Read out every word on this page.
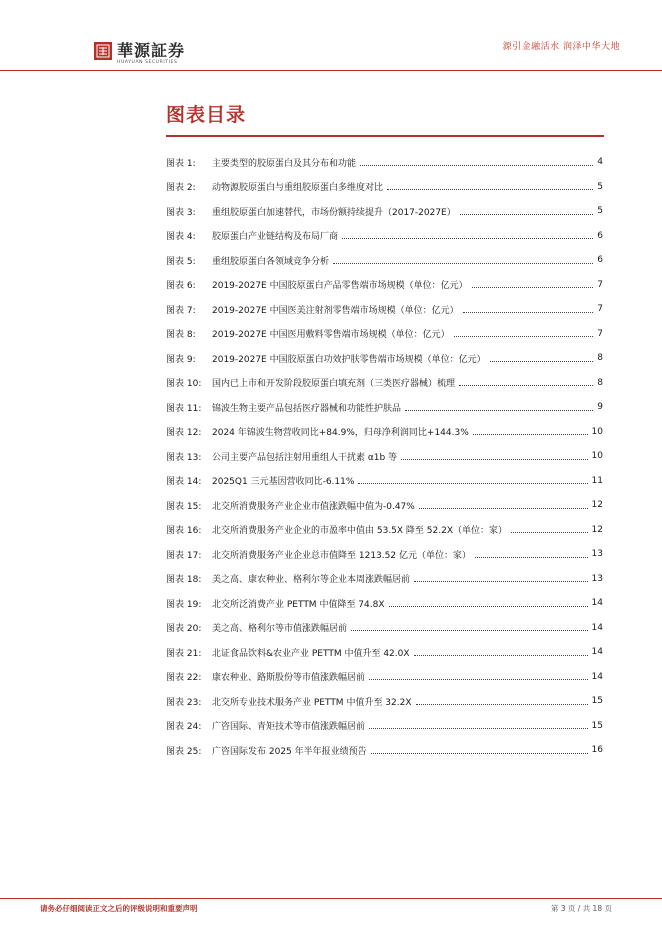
華源証券
HUAYUAN SECURITIES
源引金融活水 润泽中华大地
图表目录
图表 1:	主要类型的胶原蛋白及其分布和功能	4
图表 2:	动物源胶原蛋白与重组胶原蛋白多维度对比	5
图表 3:	重组胶原蛋白加速替代，市场份额持续提升（2017-2027E）	5
图表 4:	胶原蛋白产业链结构及布局厂商	6
图表 5:	重组胶原蛋白各领域竞争分析	6
图表 6:	2019-2027E 中国胶原蛋白产品零售端市场规模（单位：亿元）	7
图表 7:	2019-2027E 中国医美注射剂零售端市场规模（单位：亿元）	7
图表 8:	2019-2027E 中国医用敷料零售端市场规模（单位：亿元）	7
图表 9:	2019-2027E 中国胶原蛋白功效护肤零售端市场规模（单位：亿元）	8
图表 10:	国内已上市和开发阶段胶原蛋白填充剂（三类医疗器械）梳理	8
图表 11:	锦波生物主要产品包括医疗器械和功能性护肤品	9
图表 12:	2024 年锦波生物营收同比+84.9%，归母净利润同比+144.3%	10
图表 13:	公司主要产品包括注射用重组人干扰素 α1b 等	10
图表 14:	2025Q1 三元基因营收同比-6.11%	11
图表 15:	北交所消费服务产业企业市值涨跌幅中值为-0.47%	12
图表 16:	北交所消费服务产业企业的市盈率中值由 53.5X 降至 52.2X（单位：家）	12
图表 17:	北交所消费服务产业企业总市值降至 1213.52 亿元（单位：家）	13
图表 18:	美之高、康农种业、格利尔等企业本周涨跌幅居前	13
图表 19:	北交所泛消费产业 PETTM 中值降至 74.8X	14
图表 20:	美之高、格利尔等市值涨跌幅居前	14
图表 21:	北证食品饮料&农业产业 PETTM 中值升至 42.0X	14
图表 22:	康农种业、路斯股份等市值涨跌幅居前	14
图表 23:	北交所专业技术服务产业 PETTM 中值升至 32.2X	15
图表 24:	广咨国际、青矩技术等市值涨跌幅居前	15
图表 25:	广咨国际发布 2025 年半年报业绩预告	16
请务必仔细阅读正文之后的评级说明和重要声明	第 3 页 / 共 18 页
